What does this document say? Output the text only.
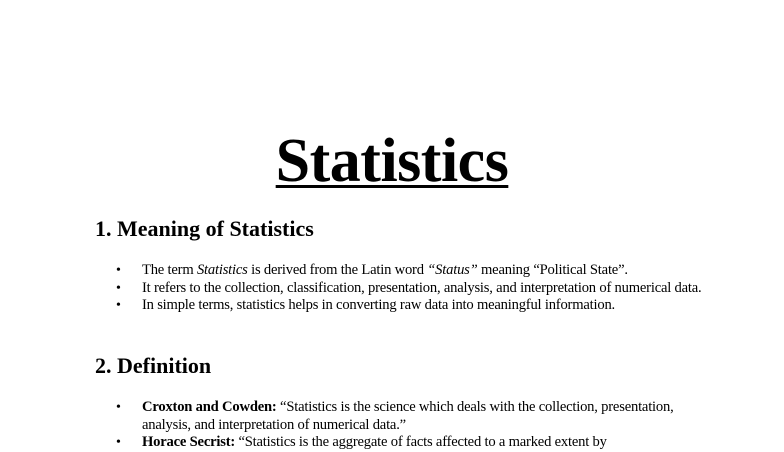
Statistics
1. Meaning of Statistics
• The term Statistics is derived from the Latin word “Status” meaning “Political State”.
• It refers to the collection, classification, presentation, analysis, and interpretation of numerical data.
• In simple terms, statistics helps in converting raw data into meaningful information.
2. Definition
• Croxton and Cowden: “Statistics is the science which deals with the collection, presentation, analysis, and interpretation of numerical data.”
• Horace Secrist: “Statistics is the aggregate of facts affected to a marked extent by
